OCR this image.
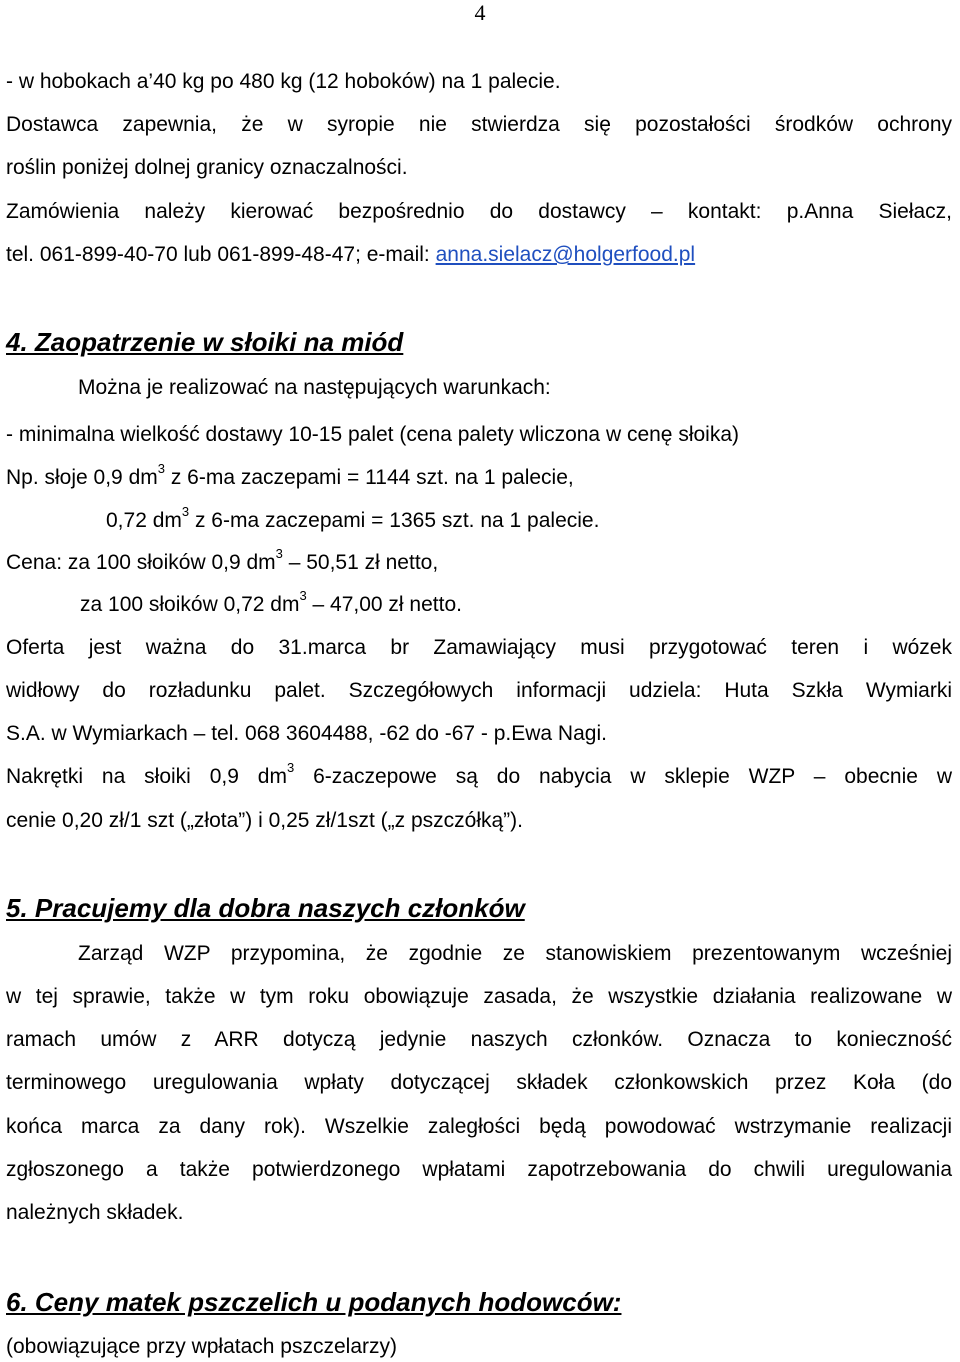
4
- w hobokach a’40 kg po 480 kg (12 hoboków) na 1 palecie.
Dostawca zapewnia, że w syropie nie stwierdza się pozostałości środków ochrony
roślin poniżej dolnej granicy oznaczalności.
Zamówienia należy kierować bezpośrednio do dostawcy – kontakt: p.Anna Siełacz,
tel. 061-899-40-70 lub 061-899-48-47; e-mail: anna.sielacz@holgerfood.pl
4. Zaopatrzenie w słoiki na miód
Można je realizować na następujących warunkach:
- minimalna wielkość dostawy 10-15 palet (cena palety wliczona w cenę słoika)
Np. słoje 0,9 $dm^3$ z 6-ma zaczepami = 1144 szt. na 1 palecie,
0,72 $dm^3$ z 6-ma zaczepami = 1365 szt. na 1 palecie.
Cena: za 100 słoików 0,9 $dm^3 - 50,51$ zł netto,
za 100 słoików 0,72 $dm^3 - 47,00$ zł netto.
Oferta jest ważna do 31.marca br Zamawiający musi przygotować teren i wózek
widłowy do rozładunku palet. Szczegółowych informacji udziela: Huta Szkła Wymiarki
S.A. w Wymiarkach – tel. 068 3604488, -62 do -67 - p.Ewa Nagi.
Nakrętki na słoiki 0,9 $dm^3$ 6-zaczepowe są do nabycia w sklepie WZP – obecnie w
cenie 0,20 zł/1 szt („złota”) i 0,25 zł/1szt („z pszczółką”).
5. Pracujemy dla dobra naszych członków
Zarząd WZP przypomina, że zgodnie ze stanowiskiem prezentowanym wcześniej
w tej sprawie, także w tym roku obowiązuje zasada, że wszystkie działania realizowane w
ramach umów z ARR dotyczą jedynie naszych członków. Oznacza to konieczność
terminowego uregulowania wpłaty dotyczącej składek członkowskich przez Koła (do
końca marca za dany rok). Wszelkie zaległości będą powodować wstrzymanie realizacji
zgłoszonego a także potwierdzonego wpłatami zapotrzebowania do chwili uregulowania
należnych składek.
6. Ceny matek pszczelich u podanych hodowców:
(obowiązujące przy wpłatach pszczelarzy)
